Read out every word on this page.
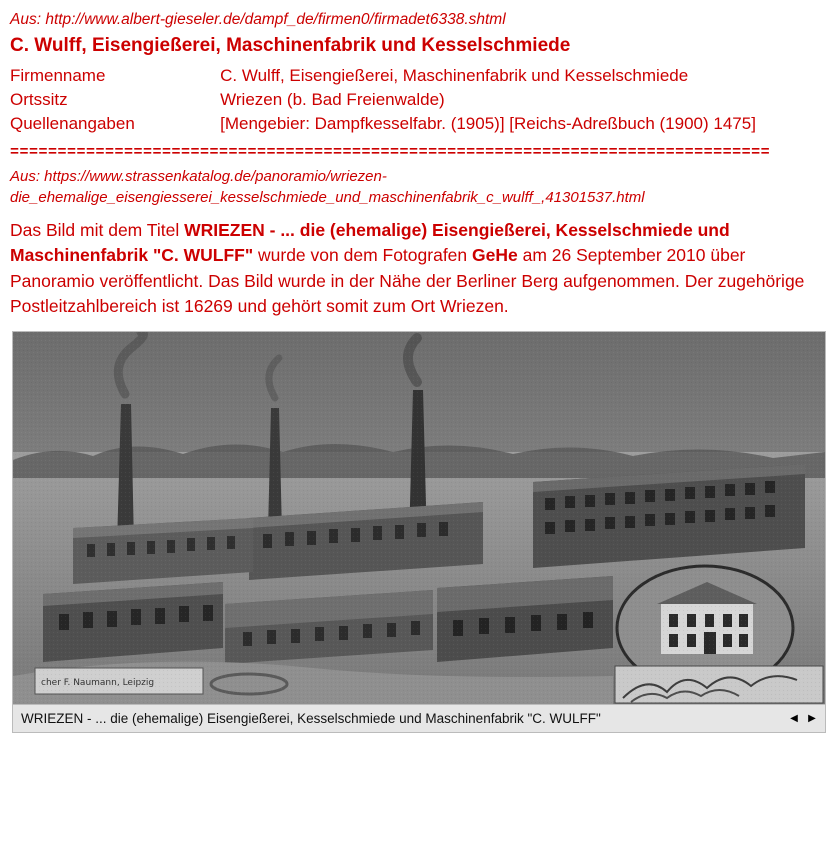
Aus: http://www.albert-gieseler.de/dampf_de/firmen0/firmadet6338.shtml
C. Wulff, Eisengießerei, Maschinenfabrik und Kesselschmiede
Firmenname	C. Wulff, Eisengießerei, Maschinenfabrik und Kesselschmiede
Ortssitz	Wriezen (b. Bad Freienwalde)
Quellenangaben	[Mengebier: Dampfkesselfabr. (1905)] [Reichs-Adreßbuch (1900) 1475]
================================================================================
Aus: https://www.strassenkatalog.de/panoramio/wriezen-die_ehemalige_eisengiesserei_kesselschmiede_und_maschinenfabrik_c_wulff_,41301537.html
Das Bild mit dem Titel WRIEZEN - ... die (ehemalige) Eisengießerei, Kesselschmiede und Maschinenfabrik "C. WULFF" wurde von dem Fotografen GeHe am 26 September 2010 über Panoramio veröffentlicht. Das Bild wurde in der Nähe der Berliner Berg aufgenommen. Der zugehörige Postleitzahlbereich ist 16269 und gehört somit zum Ort Wriezen.
WRIEZEN - ... die (ehemalige) Eisengießerei, Kesselschmiede und Maschinenfabrik "C. WULFF"	◀	▶
